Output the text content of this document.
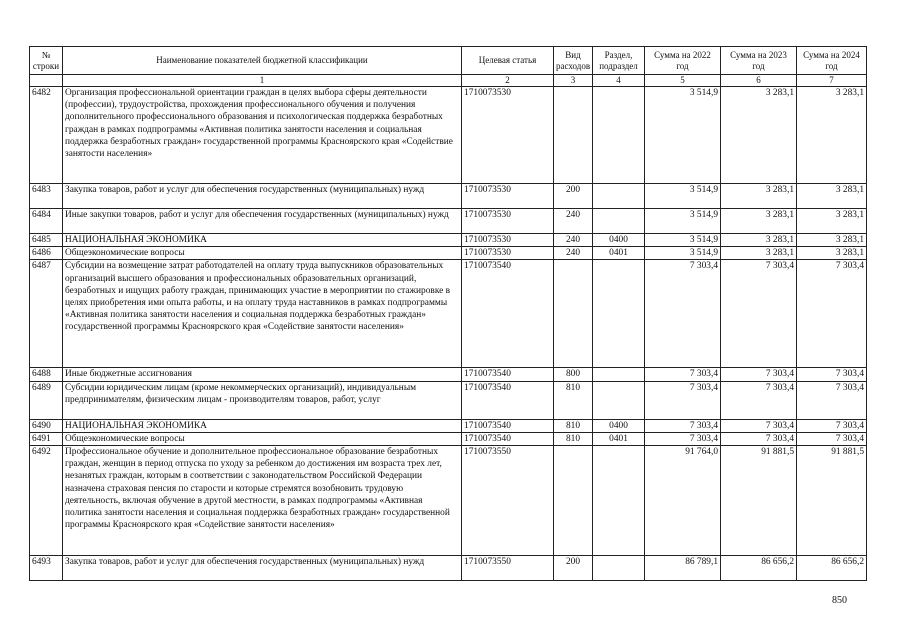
№ строки	Наименование показателей бюджетной классификации	Целевая статья	Вид расходов	Раздел, подраздел	Сумма на 2022 год	Сумма на 2023 год	Сумма на 2024 год
	1	2	3	4	5	6	7
6482	Организация профессиональной ориентации граждан в целях выбора сферы деятельности (профессии), трудоустройства, прохождения профессионального обучения и получения дополнительного профессионального образования и психологическая поддержка безработных граждан в рамках подпрограммы «Активная политика занятости населения и социальная поддержка безработных граждан» государственной программы Красноярского края «Содействие занятости населения»	1710073530			3 514,9	3 283,1	3 283,1
6483	Закупка товаров, работ и услуг для обеспечения государственных (муниципальных) нужд	1710073530	200		3 514,9	3 283,1	3 283,1
6484	Иные закупки товаров, работ и услуг для обеспечения государственных (муниципальных) нужд	1710073530	240		3 514,9	3 283,1	3 283,1
6485	НАЦИОНАЛЬНАЯ ЭКОНОМИКА	1710073530	240	0400	3 514,9	3 283,1	3 283,1
6486	Общеэкономические вопросы	1710073530	240	0401	3 514,9	3 283,1	3 283,1
6487	Субсидии на возмещение затрат работодателей на оплату труда выпускников образовательных организаций высшего образования и профессиональных образовательных организаций, безработных и ищущих работу граждан, принимающих участие в мероприятии по стажировке в целях приобретения ими опыта работы, и на оплату труда наставников в рамках подпрограммы «Активная политика занятости населения и социальная поддержка безработных граждан» государственной программы Красноярского края «Содействие занятости населения»	1710073540			7 303,4	7 303,4	7 303,4
6488	Иные бюджетные ассигнования	1710073540	800		7 303,4	7 303,4	7 303,4
6489	Субсидии юридическим лицам (кроме некоммерческих организаций), индивидуальным предпринимателям, физическим лицам - производителям товаров, работ, услуг	1710073540	810		7 303,4	7 303,4	7 303,4
6490	НАЦИОНАЛЬНАЯ ЭКОНОМИКА	1710073540	810	0400	7 303,4	7 303,4	7 303,4
6491	Общеэкономические вопросы	1710073540	810	0401	7 303,4	7 303,4	7 303,4
6492	Профессиональное обучение и дополнительное профессиональное образование безработных граждан, женщин в период отпуска по уходу за ребенком до достижения им возраста трех лет, незанятых граждан, которым в соответствии с законодательством Российской Федерации назначена страховая пенсия по старости и которые стремятся возобновить трудовую деятельность, включая обучение в другой местности, в рамках подпрограммы «Активная политика занятости населения и социальная поддержка безработных граждан» государственной программы Красноярского края «Содействие занятости населения»	1710073550			91 764,0	91 881,5	91 881,5
6493	Закупка товаров, работ и услуг для обеспечения государственных (муниципальных) нужд	1710073550	200		86 789,1	86 656,2	86 656,2
850
